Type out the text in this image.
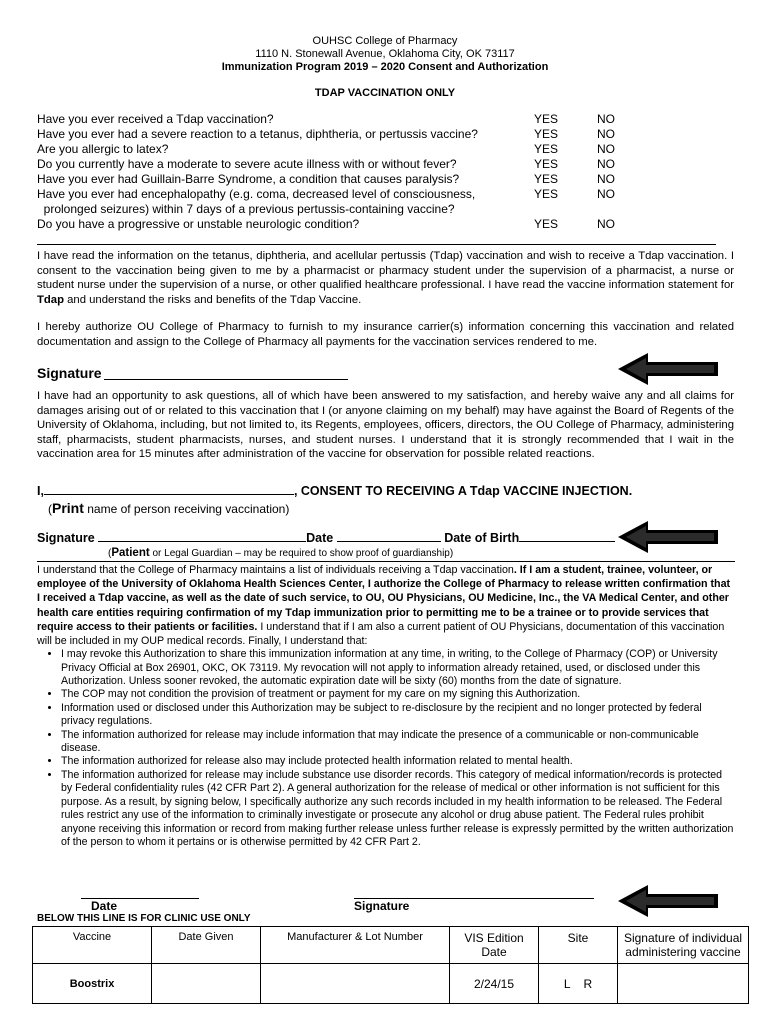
OUHSC College of Pharmacy
1110 N. Stonewall Avenue, Oklahoma City, OK 73117
Immunization Program 2019 – 2020 Consent and Authorization
TDAP VACCINATION ONLY
Have you ever received a Tdap vaccination?	YES	NO
Have you ever had a severe reaction to a tetanus, diphtheria, or pertussis vaccine?	YES	NO
Are you allergic to latex?	YES	NO
Do you currently have a moderate to severe acute illness with or without fever?	YES	NO
Have you ever had Guillain-Barre Syndrome, a condition that causes paralysis?	YES	NO
Have you ever had encephalopathy (e.g. coma, decreased level of consciousness,	YES	NO
prolonged seizures) within 7 days of a previous pertussis-containing vaccine?
Do you have a progressive or unstable neurologic condition?	YES	NO
I have read the information on the tetanus, diphtheria, and acellular pertussis (Tdap) vaccination and wish to receive a Tdap vaccination. I consent to the vaccination being given to me by a pharmacist or pharmacy student under the supervision of a pharmacist, a nurse or student nurse under the supervision of a nurse, or other qualified healthcare professional. I have read the vaccine information statement for Tdap and understand the risks and benefits of the Tdap Vaccine.
I hereby authorize OU College of Pharmacy to furnish to my insurance carrier(s) information concerning this vaccination and related documentation and assign to the College of Pharmacy all payments for the vaccination services rendered to me.
Signature
I have had an opportunity to ask questions, all of which have been answered to my satisfaction, and hereby waive any and all claims for damages arising out of or related to this vaccination that I (or anyone claiming on my behalf) may have against the Board of Regents of the University of Oklahoma, including, but not limited to, its Regents, employees, officers, directors, the OU College of Pharmacy, administering staff, pharmacists, student pharmacists, nurses, and student nurses. I understand that it is strongly recommended that I wait in the vaccination area for 15 minutes after administration of the vaccine for observation for possible related reactions.
I,	, CONSENT TO RECEIVING A Tdap VACCINE INJECTION.
(Print name of person receiving vaccination)
Signature	Date	Date of Birth
(Patient or Legal Guardian – may be required to show proof of guardianship)
I understand that the College of Pharmacy maintains a list of individuals receiving a Tdap vaccination. If I am a student, trainee, volunteer, or employee of the University of Oklahoma Health Sciences Center, I authorize the College of Pharmacy to release written confirmation that I received a Tdap vaccine, as well as the date of such service, to OU, OU Physicians, OU Medicine, Inc., the VA Medical Center, and other health care entities requiring confirmation of my Tdap immunization prior to permitting me to be a trainee or to provide services that require access to their patients or facilities. I understand that if I am also a current patient of OU Physicians, documentation of this vaccination will be included in my OUP medical records. Finally, I understand that:
• I may revoke this Authorization to share this immunization information at any time, in writing, to the College of Pharmacy (COP) or University Privacy Official at Box 26901, OKC, OK 73119. My revocation will not apply to information already retained, used, or disclosed under this Authorization. Unless sooner revoked, the automatic expiration date will be sixty (60) months from the date of signature.
• The COP may not condition the provision of treatment or payment for my care on my signing this Authorization.
• Information used or disclosed under this Authorization may be subject to re-disclosure by the recipient and no longer protected by federal privacy regulations.
• The information authorized for release may include information that may indicate the presence of a communicable or non-communicable disease.
• The information authorized for release also may include protected health information related to mental health.
• The information authorized for release may include substance use disorder records. This category of medical information/records is protected by Federal confidentiality rules (42 CFR Part 2). A general authorization for the release of medical or other information is not sufficient for this purpose. As a result, by signing below, I specifically authorize any such records included in my health information to be released. The Federal rules restrict any use of the information to criminally investigate or prosecute any alcohol or drug abuse patient. The Federal rules prohibit anyone receiving this information or record from making further release unless further release is expressly permitted by the written authorization of the person to whom it pertains or is otherwise permitted by 42 CFR Part 2.
Date	Signature
BELOW THIS LINE IS FOR CLINIC USE ONLY
Vaccine	Date Given	Manufacturer & Lot Number	VIS Edition Date	Site	Signature of individual administering vaccine
Boostrix			2/24/15	L    R	
